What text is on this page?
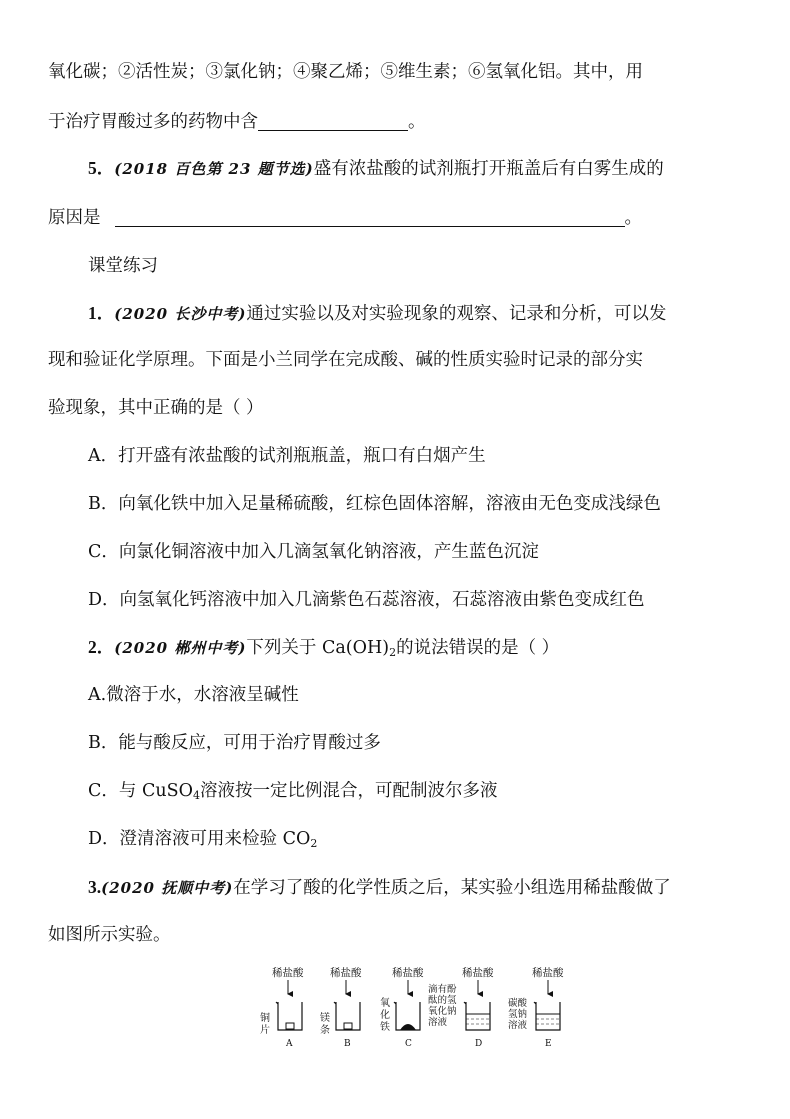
氧化碳；②活性炭；③氯化钠；④聚乙烯；⑤维生素；⑥氢氧化铝。其中，用
于治疗胃酸过多的药物中含	。
5．(2018 百色第 23 题节选)盛有浓盐酸的试剂瓶打开瓶盖后有白雾生成的
原因是	。
课堂练习
1．(2020 长沙中考)通过实验以及对实验现象的观察、记录和分析，可以发
现和验证化学原理。下面是小兰同学在完成酸、碱的性质实验时记录的部分实
验现象，其中正确的是（ ）
A．打开盛有浓盐酸的试剂瓶瓶盖，瓶口有白烟产生
B．向氧化铁中加入足量稀硫酸，红棕色固体溶解，溶液由无色变成浅绿色
C．向氯化铜溶液中加入几滴氢氧化钠溶液，产生蓝色沉淀
D．向氢氧化钙溶液中加入几滴紫色石蕊溶液，石蕊溶液由紫色变成红色
2．(2020 郴州中考)下列关于 $Ca(OH)_2$的说法错误的是（ ）
A.微溶于水，水溶液呈碱性
B．能与酸反应，可用于治疗胃酸过多
C．与 CuSO$_4$溶液按一定比例混合，可配制波尔多液
D．澄清溶液可用来检验 $CO_2$
3.(2020 抚顺中考)在学习了酸的化学性质之后，某实验小组选用稀盐酸做了
如图所示实验。
稀盐酸
铜
片
A
稀盐酸
镁
条
B
稀盐酸
氧
化
铁
C
稀盐酸
滴有酚
酞的氢
氧化钠
溶液
D
稀盐酸
碳酸
氢钠
溶液
E
